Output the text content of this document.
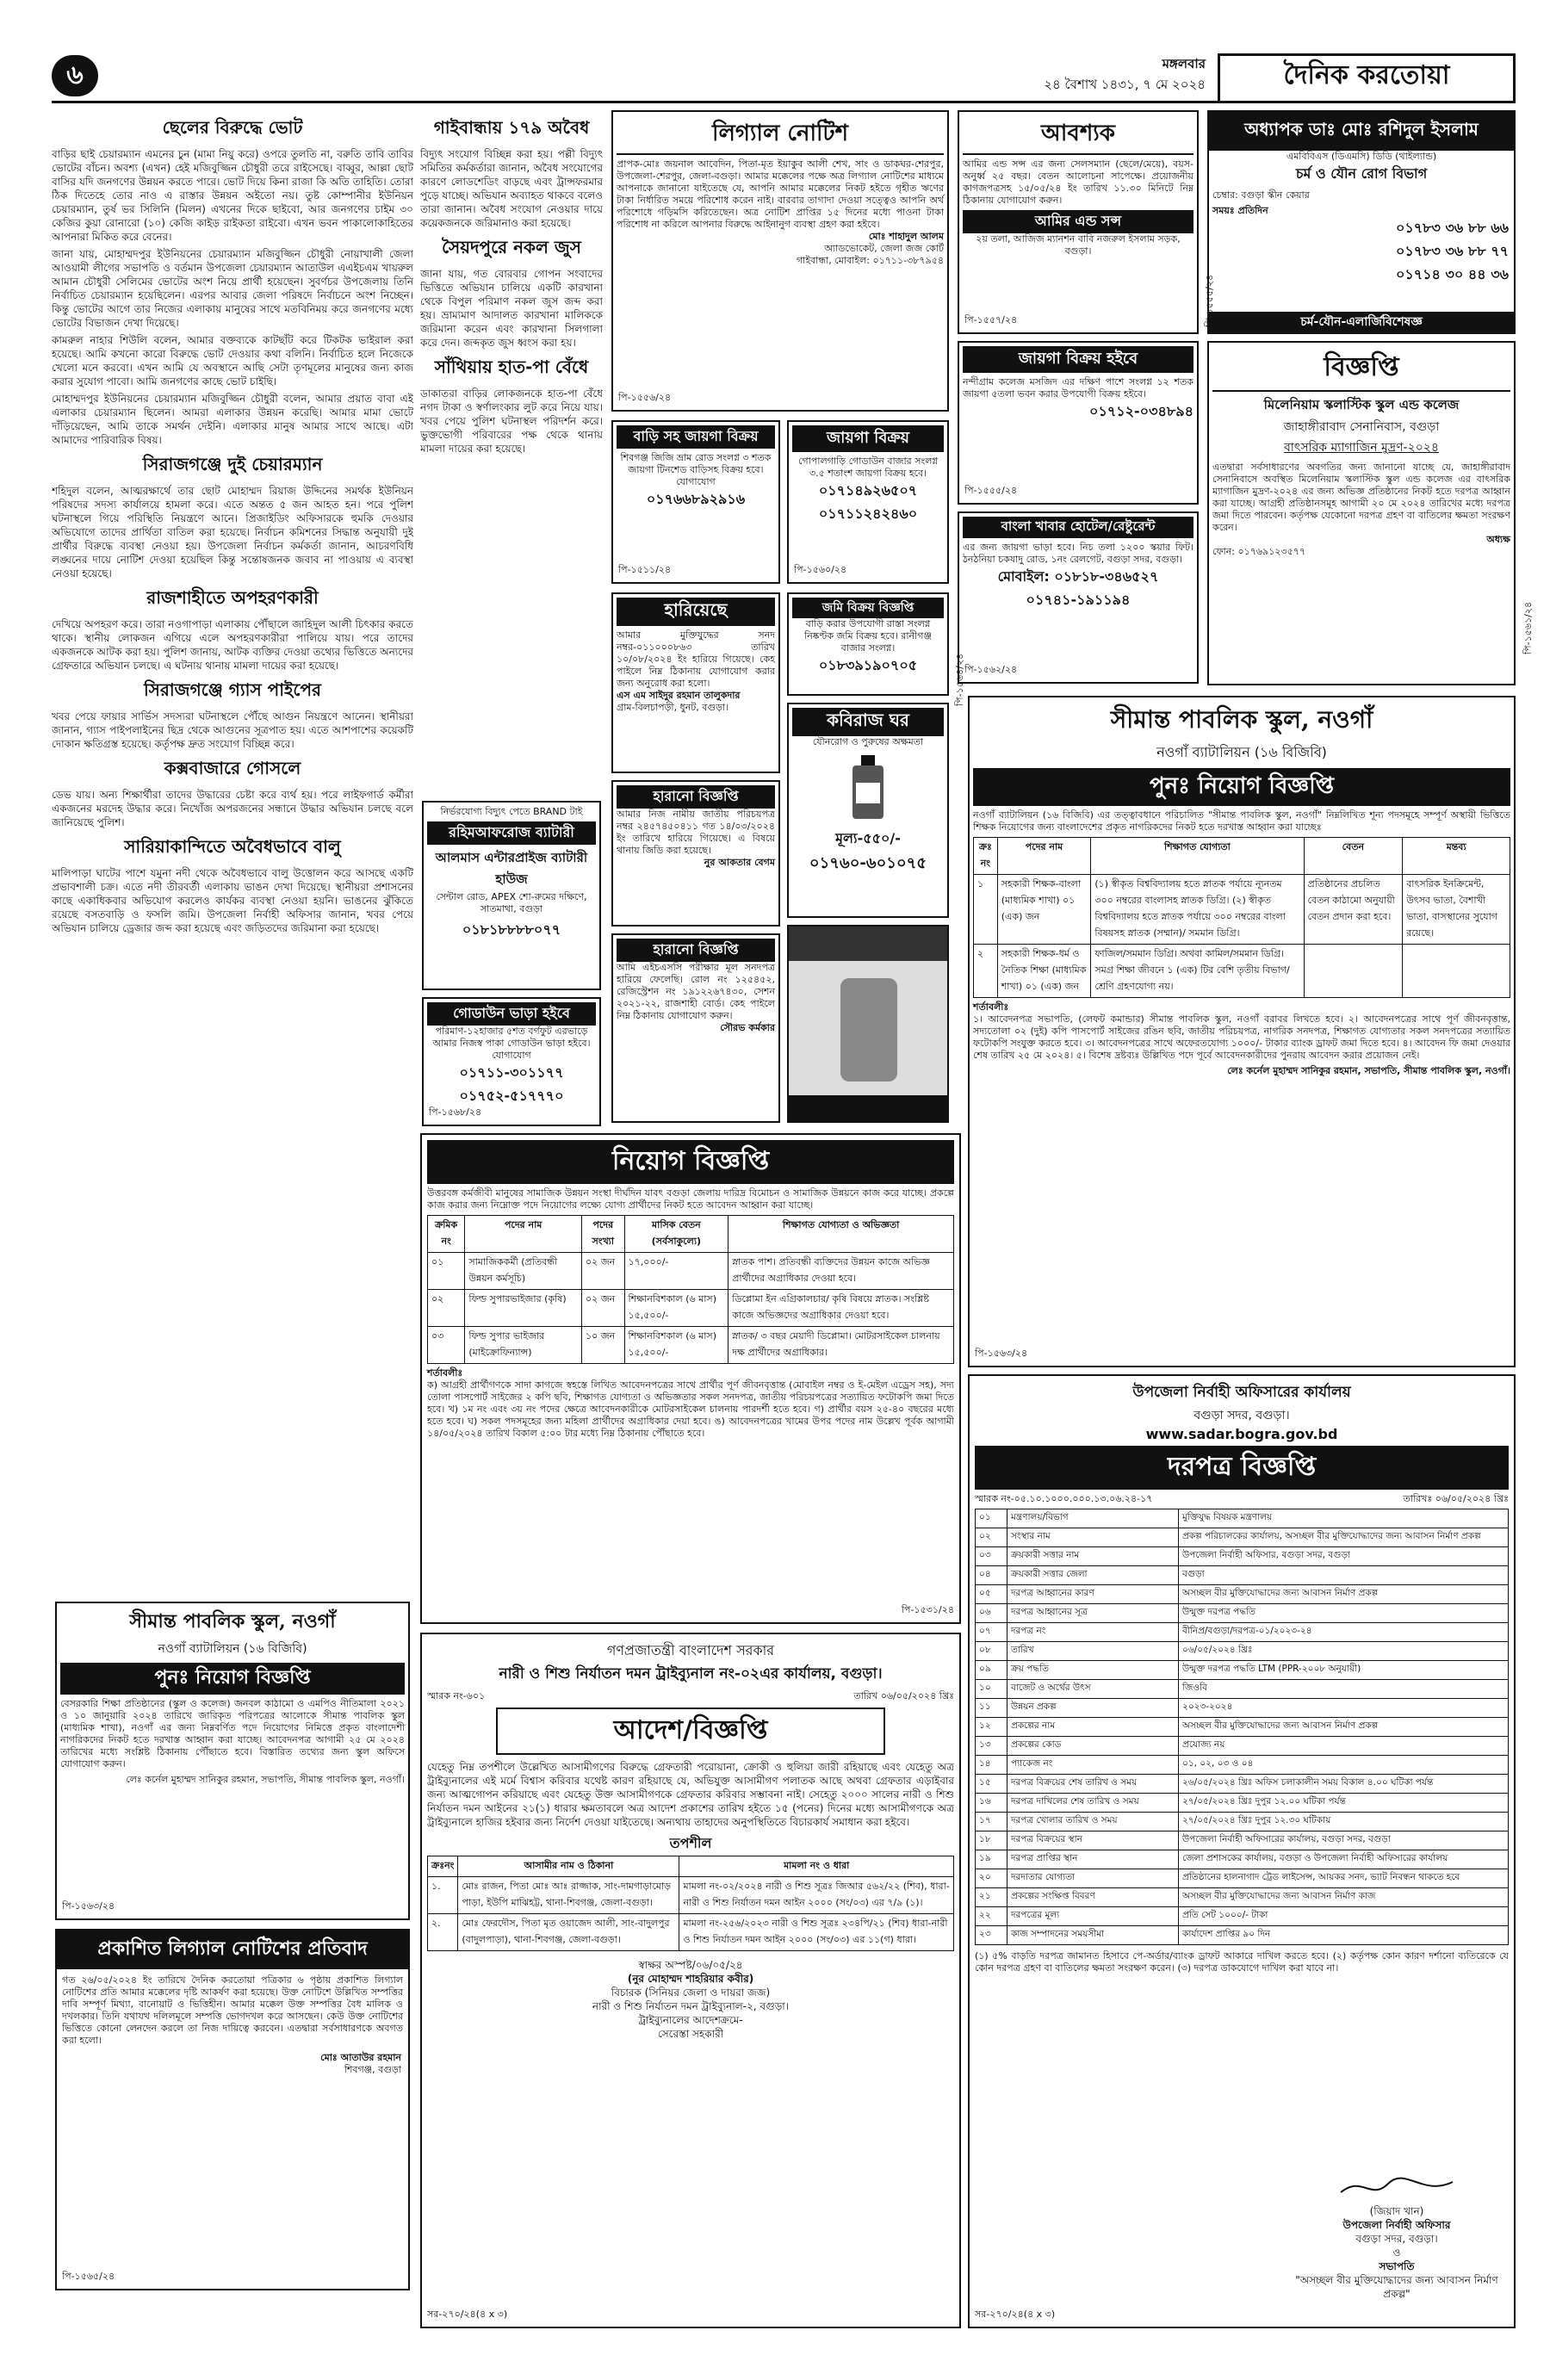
৬	মঙ্গলবার
২৪ বৈশাখ ১৪৩১, ৭ মে ২০২৪	দৈনিক করতোয়া
ছেলের বিরুদ্ধে ভোট

বাড়ির ছাই চেয়ারম্যান এমনের চুন (মামা নিয়ু করে) ওপরে তুলতি না, বরুতি তাবি তাবির ভোটের বাঁচন। অবশ্য (এখন) হেই মজিবুজ্জিন চৌধুরী তরে রাইসেছে। বাব্বুর, আল্লা ছোট বাসির যদি জনগণের উন্নয়ন করতে পারে। ভোট দিয়ে কিনা রাজা কি অতি তাহিতি। তোরা ঠিক দিতেহে তোর নাও এ রাস্তার উন্নয়ন অইতো নয়। তুষ্ট কোম্পানীর ইউনিয়ন চেয়ারম্যান, তুর্ষ ভর সিলিনি (মিলন) এখনের দিকে ছাইবো, আর জনগণের চাইম ৩০ কেজির কুয়া রোনারো (১০) কেজি কাইড় রাইকতা রাইবো। এখন ভবন পাকালোকাহিতের আপনারা মিকিত করে বেনের।

জানা যায়, মোহাম্মদপুর ইউনিয়নের চেয়ারম্যান মজিবুজ্জিন চৌধুরী নোয়াখালী জেলা আওয়ামী লীগের সভাপতি ও বর্তমান উপজেলা চেয়ারম্যান আতাউল এএইচএম খায়রুল আমান চৌধুরী সেলিমের ভোটের অংশ নিয়ে প্রার্থী হয়েছেন। সুবর্ণচর উপজেলায় তিনি নির্বাচিত চেয়ারম্যান হয়েছিলেন। এরপর আবার জেলা পরিষদে নির্বাচনে অংশ নিচ্ছেন। কিন্তু ভোটের আগে তার নিজের এলাকায় মানুষের সাথে মতবিনিময় করে জনগণের মধ্যে ভোটের বিভাজন দেখা দিয়েছে।

কামরুল নাহার শিউলি বলেন, আমার বক্তব্যকে কাটছাঁট করে টিকটক ভাইরাল করা হয়েছে। আমি কখনো কারো বিরুদ্ধে ভোট দেওয়ার কথা বলিনি। নির্বাচিত হলে নিজেকে খেলো মনে করবো। এখন আমি যে অবস্থানে আছি সেটা তৃণমূলের মানুষের জন্য কাজ করার সুযোগ পাবো। আমি জনগণের কাছে ভোট চাইছি।

মোহাম্মদপুর ইউনিয়নের চেয়ারম্যান মজিবুজ্জিন চৌধুরী বলেন, আমার প্রয়াত বাবা এই এলাকার চেয়ারম্যান ছিলেন। আমরা এলাকার উন্নয়ন করেছি। আমার মামা ভোটে দাঁড়িয়েছেন, আমি তাকে সমর্থন দেইনি। এলাকার মানুষ আমার সাথে আছে। এটা আমাদের পারিবারিক বিষয়।

সিরাজগঞ্জে দুই চেয়ারম্যান

শহিদুল বলেন, আত্মরক্ষার্থে তার ছোট মোহাম্মদ রিয়াজ উদ্দিনের সমর্থক ইউনিয়ন পরিষদের সদস্য কার্যালয়ে হামলা করে। এতে অন্তত ৫ জন আহত হন। পরে পুলিশ ঘটনাস্থলে গিয়ে পরিস্থিতি নিয়ন্ত্রণে আনে। প্রিজাইডিং অফিসারকে হুমকি দেওয়ার অভিযোগে তাদের প্রার্থিতা বাতিল করা হয়েছে। নির্বাচন কমিশনের সিদ্ধান্ত অনুযায়ী দুই প্রার্থীর বিরুদ্ধে ব্যবস্থা নেওয়া হয়। উপজেলা নির্বাচন কর্মকর্তা জানান, আচরণবিধি লঙ্ঘনের দায়ে নোটিশ দেওয়া হয়েছিল কিন্তু সন্তোষজনক জবাব না পাওয়ায় এ ব্যবস্থা নেওয়া হয়েছে।

রাজশাহীতে অপহরণকারী

দেখিয়ে অপহরণ করে। তারা নওগাপাড়া এলাকায় পৌঁছালে জাহিদুল আলী চিৎকার করতে থাকে। স্থানীয় লোকজন এগিয়ে এলে অপহরণকারীরা পালিয়ে যায়। পরে তাদের একজনকে আটক করা হয়। পুলিশ জানায়, আটক ব্যক্তির দেওয়া তথ্যের ভিত্তিতে অন্যদের গ্রেফতারে অভিযান চলছে। এ ঘটনায় থানায় মামলা দায়ের করা হয়েছে।

সিরাজগঞ্জে গ্যাস পাইপের

খবর পেয়ে ফায়ার সার্ভিস সদস্যরা ঘটনাস্থলে পৌঁছে আগুন নিয়ন্ত্রণে আনেন। স্থানীয়রা জানান, গ্যাস পাইপলাইনের ছিদ্র থেকে আগুনের সূত্রপাত হয়। এতে আশপাশের কয়েকটি দোকান ক্ষতিগ্রস্ত হয়েছে। কর্তৃপক্ষ দ্রুত সংযোগ বিচ্ছিন্ন করে।

কক্সবাজারে গোসলে

ডেভ যায়। অন্য শিক্ষার্থীরা তাদের উদ্ধারের চেষ্টা করে ব্যর্থ হয়। পরে লাইফগার্ড কর্মীরা একজনের মরদেহ উদ্ধার করে। নিখোঁজ অপরজনের সন্ধানে উদ্ধার অভিযান চলছে বলে জানিয়েছে পুলিশ।

সারিয়াকান্দিতে অবৈধভাবে বালু

মালিপাড়া ঘাটের পাশে যমুনা নদী থেকে অবৈধভাবে বালু উত্তোলন করে আসছে একটি প্রভাবশালী চক্র। এতে নদী তীরবর্তী এলাকায় ভাঙন দেখা দিয়েছে। স্থানীয়রা প্রশাসনের কাছে একাধিকবার অভিযোগ করলেও কার্যকর ব্যবস্থা নেওয়া হয়নি। ভাঙনের ঝুঁকিতে রয়েছে বসতবাড়ি ও ফসলি জমি। উপজেলা নির্বাহী অফিসার জানান, খবর পেয়ে অভিযান চালিয়ে ড্রেজার জব্দ করা হয়েছে এবং জড়িতদের জরিমানা করা হয়েছে।

সীমান্ত পাবলিক স্কুল, নওগাঁ
নওগাঁ ব্যাটালিয়ন (১৬ বিজিবি)
পুনঃ নিয়োগ বিজ্ঞপ্তি
বেসরকারি শিক্ষা প্রতিষ্ঠানের (স্কুল ও কলেজ) জনবল কাঠামো ও এমপিও নীতিমালা ২০২১ ও ১০ জানুয়ারি ২০২৪ তারিখে জারিকৃত পরিপত্রের আলোকে সীমান্ত পাবলিক স্কুল (মাধ্যমিক শাখা), নওগাঁ এর জন্য নিম্নবর্ণিত পদে নিয়োগের নিমিত্তে প্রকৃত বাংলাদেশী নাগরিকদের নিকট হতে দরখাস্ত আহ্বান করা যাচ্ছে। আবেদনপত্র আগামী ২৫ মে ২০২৪ তারিখের মধ্যে সংশ্লিষ্ট ঠিকানায় পৌঁছাতে হবে। বিস্তারিত তথ্যের জন্য স্কুল অফিসে যোগাযোগ করুন।
লেঃ কর্নেল মুহাম্মদ সানিকুর রহমান, সভাপতি, সীমান্ত পাবলিক স্কুল, নওগাঁ।
পি-১৫৬৩/২৪
প্রকাশিত লিগ্যাল নোটিশের প্রতিবাদ
গত ২৬/০৫/২০২৪ ইং তারিখে দৈনিক করতোয়া পত্রিকার ৬ পৃষ্ঠায় প্রকাশিত লিগ্যাল নোটিশের প্রতি আমার মক্কেলের দৃষ্টি আকর্ষণ করা হয়েছে। উক্ত নোটিশে উল্লিখিত সম্পত্তির দাবি সম্পূর্ণ মিথ্যা, বানোয়াট ও ভিত্তিহীন। আমার মক্কেল উক্ত সম্পত্তির বৈধ মালিক ও দখলকার। তিনি যথাযথ দলিলমূলে সম্পত্তি ভোগদখল করে আসছেন। কেউ উক্ত নোটিশের ভিত্তিতে কোনো লেনদেন করলে তা নিজ দায়িত্বে করবেন। এতদ্বারা সর্বসাধারণকে অবগত করা হলো।
মোঃ আতাউর রহমান
শিবগঞ্জ, বগুড়া
পি-১৫৬৫/২৪
গাইবান্ধায় ১৭৯ অবৈধ

বিদ্যুৎ সংযোগ বিচ্ছিন্ন করা হয়। পল্লী বিদ্যুৎ সমিতির কর্মকর্তারা জানান, অবৈধ সংযোগের কারণে লোডশেডিং বাড়ছে এবং ট্রান্সফরমার পুড়ে যাচ্ছে। অভিযান অব্যাহত থাকবে বলেও তারা জানান। অবৈধ সংযোগ নেওয়ার দায়ে কয়েকজনকে জরিমানাও করা হয়েছে।

সৈয়দপুরে নকল জুস

জানা যায়, গত বোরবার গোপন সংবাদের ভিত্তিতে অভিযান চালিয়ে একটি কারখানা থেকে বিপুল পরিমাণ নকল জুস জব্দ করা হয়। ভ্রাম্যমাণ আদালত কারখানা মালিককে জরিমানা করেন এবং কারখানা সিলগালা করে দেন। জব্দকৃত জুস ধ্বংস করা হয়।

সাঁথিয়ায় হাত-পা বেঁধে

ডাকাতরা বাড়ির লোকজনকে হাত-পা বেঁধে নগদ টাকা ও স্বর্ণালংকার লুট করে নিয়ে যায়। খবর পেয়ে পুলিশ ঘটনাস্থল পরিদর্শন করে। ভুক্তভোগী পরিবারের পক্ষ থেকে থানায় মামলা দায়ের করা হয়েছে।

নির্ভরযোগ্য বিদ্যুৎ পেতে BRAND টাই
রহিমআফরোজ ব্যাটারী
আলমাস এন্টারপ্রাইজ ব্যাটারী হাউজ
সেন্টাল রোড, APEX শো-রুমের দক্ষিণে, সাতমাথা, বগুড়া
০১৮১৮৮৮৮০৭৭
গোডাউন ভাড়া হইবে
পরিমাণ-১২হাজার ৫শত বর্গফুট এরভাড়ে আমার নিজস্ব পাকা গোডাউন ভাড়া হইবে। যোগাযোগ
০১৭১১-৩০১১৭৭
০১৭৫২-৫১৭৭৭০
পি-১৫৬৮/২৪
লিগ্যাল নোটিশ
প্রাপক-মোঃ জয়নাল আবেদিন, পিতা-মৃত ইয়াকুব আলী শেখ, সাং ও ডাকঘর-শেরপুর, উপজেলা-শেরপুর, জেলা-বগুড়া। আমার মক্কেলের পক্ষে অত্র লিগ্যাল নোটিশের মাধ্যমে আপনাকে জানানো যাইতেছে যে, আপনি আমার মক্কেলের নিকট হইতে গৃহীত ঋণের টাকা নির্ধারিত সময়ে পরিশোধ করেন নাই। বারবার তাগাদা দেওয়া সত্ত্বেও আপনি অর্থ পরিশোধে গড়িমসি করিতেছেন। অত্র নোটিশ প্রাপ্তির ১৫ দিনের মধ্যে পাওনা টাকা পরিশোধ না করিলে আপনার বিরুদ্ধে আইনানুগ ব্যবস্থা গ্রহণ করা হইবে।
মোঃ শাহাদুল আলম
অ্যাডভোকেট, জেলা জজ কোর্ট
গাইবান্ধা, মোবাইল: ০১৭১১-৩৮৭৯৫৪
পি-১৫৫৬/২৪
বাড়ি সহ জায়গা বিক্রয়
শিবগঞ্জ জিজি ভ্রাম রোড সংলগ্ন ৩ শতক জায়গা টিনশেড বাড়িসহ বিক্রয় হবে। যোগাযোগ
০১৭৬৬৮৯২৯১৬
পি-১৫১১/২৪
জায়গা বিক্রয়
গোপালগাড়ি গোডাউন বাজার সংলগ্ন ৩.৫ শতাংশ জায়গা বিক্রয় হবে।
০১৭১৪৯২৬৫০৭
০১৭১১২৪২৪৬০
পি-১৫৬০/২৪
হারিয়েছে
আমার মুক্তিযুদ্ধের সনদ নম্বর-০১১০০০৮৬৩ তারিখ ১০/০৮/২০২৪ ইং হারিয়ে গিয়েছে। কেহ পাইলে নিম্ন ঠিকানায় যোগাযোগ করার জন্য অনুরোধ করা হলো।
এস এম সাইদুর রহমান তালুকদার
গ্রাম-বিলচাপড়ী, ধুনট, বগুড়া।
জমি বিক্রয় বিজ্ঞপ্তি
বাড়ি করার উপযোগী রাস্তা সংলগ্ন নিষ্কণ্টক জমি বিক্রয় হবে। রানীগঞ্জ বাজার সংলগ্ন।
০১৮৩৯১৯০৭০৫
কবিরাজ ঘর
যৌনরোগ ও পুরুষের অক্ষমতা
মূল্য-৫৫০/-
০১৭৬০-৬০১০৭৫
হারানো বিজ্ঞপ্তি
আমার নিজ নামীয় জাতীয় পরিচয়পত্র নম্বর ২৪৫৭৪৫০৪১১ গত ১৪/০৩/২০২৪ ইং তারিখে হারিয়ে গিয়েছে। এ বিষয়ে থানায় জিডি করা হয়েছে।
নুর আকতার বেগম
হারানো বিজ্ঞপ্তি
আমি এইচএসসি পরীক্ষার মূল সনদপত্র হারিয়ে ফেলেছি। রোল নং ১২৫৪৫২, রেজিস্ট্রেশন নং ১৯১২২৬৭৪৩০, সেশন ২০২১-২২, রাজশাহী বোর্ড। কেহ পাইলে নিম্ন ঠিকানায় যোগাযোগ করুন।
সৌরভ কর্মকার
আবশ্যক
আমির এন্ড সন্স এর জন্য সেলসম্যান (ছেলে/মেয়ে), বয়স-অনুর্ধ্ব ২৫ বছর। বেতন আলোচনা সাপেক্ষে। প্রয়োজনীয় কাগজপত্রসহ ১৫/০৫/২৪ ইং তারিখ ১১.৩০ মিনিটে নিম্ন ঠিকানায় যোগাযোগ করুন।
আমির এন্ড সন্স
২য় তলা, আজিজ ম্যানশন বাবি নজরুল ইসলাম সড়ক, বগুড়া।
পি-১৫৫৭/২৪
জায়গা বিক্রয় হইবে
নন্দীগ্রাম কলেজ মসজিদ এর দক্ষিণ পাশে সংলগ্ন ১২ শতক জায়গা ৫তলা ভবন করার উপযোগী বিক্রয় হইবে।
০১৭১২-০৩৪৮৯৪
পি-১৫৫৫/২৪
বাংলা খাবার হোটেল/রেষ্টুরেন্ট
এর জন্য জায়গা ভাড়া হবে। নিচ তলা ১২০০ স্কয়ার ফিট। ঠনঠনিয়া চকযাদু রোড, ১নং রেলগেট, বগুড়া সদর, বগুড়া।
মোবাইল: ০১৮১৮-৩৪৬৫২৭
০১৭৪১-১৯১১৯৪
পি-১৫৬২/২৪
অধ্যাপক ডাঃ মোঃ রশিদুল ইসলাম
এমবিবিএস (ডিএমসি) ডিডি (থাইল্যান্ড)
চর্ম ও যৌন রোগ বিভাগ
চেম্বার: বগুড়া স্কীন কেয়ার
সময়ঃ প্রতিদিন
০১৭৮৩ ৩৬ ৮৮ ৬৬
০১৭৮৩ ৩৬ ৮৮ ৭৭
০১৭১৪ ৩০ ৪৪ ৩৬
চর্ম-যৌন-এলার্জিবিশেষজ্ঞ
বিজ্ঞপ্তি
মিলেনিয়াম স্কলাস্টিক স্কুল এন্ড কলেজ
জাহাঙ্গীরাবাদ সেনানিবাস, বগুড়া
বাৎসরিক ম্যাগাজিন মুদ্রণ-২০২৪
এতদ্বারা সর্বসাধারণের অবগতির জন্য জানানো যাচ্ছে যে, জাহাঙ্গীরাবাদ সেনানিবাসে অবস্থিত মিলেনিয়াম স্কলাস্টিক স্কুল এন্ড কলেজ এর বাৎসরিক ম্যাগাজিন মুদ্রণ-২০২৪ এর জন্য অভিজ্ঞ প্রতিষ্ঠানের নিকট হতে দরপত্র আহ্বান করা যাচ্ছে। আগ্রহী প্রতিষ্ঠানসমূহ আগামী ২০ মে ২০২৪ তারিখের মধ্যে দরপত্র জমা দিতে পারবেন। কর্তৃপক্ষ যেকোনো দরপত্র গ্রহণ বা বাতিলের ক্ষমতা সংরক্ষণ করেন।
অধ্যক্ষ
ফোন: ০১৭৬৯১২৩৫৭৭
সীমান্ত পাবলিক স্কুল, নওগাঁ
নওগাঁ ব্যাটালিয়ন (১৬ বিজিবি)
পুনঃ নিয়োগ বিজ্ঞপ্তি
নওগাঁ ব্যাটালিয়ন (১৬ বিজিবি) এর তত্ত্বাবধানে পরিচালিত "সীমান্ত পাবলিক স্কুল, নওগাঁ" নিম্নলিখিত শূন্য পদসমূহে সম্পূর্ণ অস্থায়ী ভিত্তিতে শিক্ষক নিয়োগের জন্য বাংলাদেশের প্রকৃত নাগরিকদের নিকট হতে দরখাস্ত আহ্বান করা যাচ্ছেঃ
ক্রঃ নং	পদের নাম	শিক্ষাগত যোগ্যতা	বেতন	মন্তব্য
১	সহকারী শিক্ষক-বাংলা (মাধ্যমিক শাখা) ০১ (এক) জন	(১) স্বীকৃত বিশ্ববিদ্যালয় হতে স্নাতক পর্যায়ে ন্যূনতম ৩০০ নম্বরের বাংলাসহ স্নাতক ডিগ্রি। (২) স্বীকৃত বিশ্ববিদ্যালয় হতে স্নাতক পর্যায়ে ৩০০ নম্বরের বাংলা বিষয়সহ স্নাতক (সম্মান)/ সমমান ডিগ্রি।	প্রতিষ্ঠানের প্রচলিত বেতন কাঠামো অনুযায়ী বেতন প্রদান করা হবে।	বাৎসরিক ইনক্রিমেন্ট, উৎসব ভাতা, বৈশাখী ভাতা, বাসস্থানের সুযোগ রয়েছে।
২	সহকারী শিক্ষক-ধর্ম ও নৈতিক শিক্ষা (মাধ্যমিক শাখা) ০১ (এক) জন	ফাজিল/সমমান ডিগ্রি। অথবা কামিল/সমমান ডিগ্রি। সমগ্র শিক্ষা জীবনে ১ (এক) টির বেশি তৃতীয় বিভাগ/শ্রেণি গ্রহণযোগ্য নয়।		
শর্তাবলীঃ
১। আবেদনপত্র সভাপতি, (লেফট কমান্ডার) সীমান্ত পাবলিক স্কুল, নওগাঁ বরাবর লিখতে হবে। ২। আবেদনপত্রের সাথে পূর্ণ জীবনবৃত্তান্ত, সদ্যতোলা ০২ (দুই) কপি পাসপোর্ট সাইজের রঙিন ছবি, জাতীয় পরিচয়পত্র, নাগরিক সনদপত্র, শিক্ষাগত যোগ্যতার সকল সনদপত্রের সত্যায়িত ফটোকপি সংযুক্ত করতে হবে। ৩। আবেদনপত্রের সাথে অফেরতযোগ্য ১০০০/- টাকার ব্যাংক ড্রাফট জমা দিতে হবে। ৪। আবেদন ফি জমা দেওয়ার শেষ তারিখ ২৫ মে ২০২৪। ৫। বিশেষ দ্রষ্টব্যঃ উল্লিখিত পদে পূর্বে আবেদনকারীদের পুনরায় আবেদন করার প্রয়োজন নেই।
লেঃ কর্নেল মুহাম্মদ সানিকুর রহমান, সভাপতি, সীমান্ত পাবলিক স্কুল, নওগাঁ।
পি-১৫৬৩/২৪
উপজেলা নির্বাহী অফিসারের কার্যালয়
বগুড়া সদর, বগুড়া।
www.sadar.bogra.gov.bd
দরপত্র বিজ্ঞপ্তি
স্মারক নং-০৫.১০.১০০০.০০০.১৩.০৬.২৪-১৭	তারিখঃ ০৬/০৫/২০২৪ খ্রিঃ
০১	মন্ত্রণালয়/বিভাগ	মুক্তিযুদ্ধ বিষয়ক মন্ত্রণালয়
০২	সংস্থার নাম	প্রকল্প পরিচালকের কার্যালয়, অসচ্ছল বীর মুক্তিযোদ্ধাদের জন্য আবাসন নির্মাণ প্রকল্প
০৩	ক্রয়কারী সত্তার নাম	উপজেলা নির্বাহী অফিসার, বগুড়া সদর, বগুড়া
০৪	ক্রয়কারী সত্তার জেলা	বগুড়া
০৫	দরপত্র আহ্বানের কারণ	অসচ্ছল বীর মুক্তিযোদ্ধাদের জন্য আবাসন নির্মাণ প্রকল্প
০৬	দরপত্র আহ্বানের সূত্র	উন্মুক্ত দরপত্র পদ্ধতি
০৭	দরপত্র নং	বীনিপ্র/বগুড়া/দরপত্র-০১/২০২৩-২৪
০৮	তারিখ	০৬/০৫/২০২৪ খ্রিঃ
০৯	ক্রয় পদ্ধতি	উন্মুক্ত দরপত্র পদ্ধতি LTM (PPR-২০০৮ অনুযায়ী)
১০	বাজেট ও অর্থের উৎস	জিওবি
১১	উন্নয়ন প্রকল্প	২০২৩-২০২৪
১২	প্রকল্পের নাম	অসচ্ছল বীর মুক্তিযোদ্ধাদের জন্য আবাসন নির্মাণ প্রকল্প
১৩	প্রকল্পের কোড	প্রযোজ্য নয়
১৪	প্যাকেজ নং	০১, ০২, ০৩ ও ০৪
১৫	দরপত্র বিক্রয়ের শেষ তারিখ ও সময়	২৬/০৫/২০২৪ খ্রিঃ অফিস চলাকালীন সময় বিকাল ৪.০০ ঘটিকা পর্যন্ত
১৬	দরপত্র দাখিলের শেষ তারিখ ও সময়	২৭/০৫/২০২৪ খ্রিঃ দুপুর ১২.০০ ঘটিকা পর্যন্ত
১৭	দরপত্র খোলার তারিখ ও সময়	২৭/০৫/২০২৪ খ্রিঃ দুপুর ১২.৩০ ঘটিকায়
১৮	দরপত্র বিক্রয়ের স্থান	উপজেলা নির্বাহী অফিসারের কার্যালয়, বগুড়া সদর, বগুড়া
১৯	দরপত্র প্রাপ্তির স্থান	জেলা প্রশাসকের কার্যালয়, বগুড়া ও উপজেলা নির্বাহী অফিসারের কার্যালয়
২০	দরদাতার যোগ্যতা	প্রতিষ্ঠানের হালনাগাদ ট্রেড লাইসেন্স, আয়কর সনদ, ভ্যাট নিবন্ধন থাকতে হবে
২১	প্রকল্পের সংক্ষিপ্ত বিবরণ	অসচ্ছল বীর মুক্তিযোদ্ধাদের জন্য আবাসন নির্মাণ কাজ
২২	দরপত্রের মূল্য	প্রতি সেট ১০০০/- টাকা
২৩	কাজ সম্পাদনের সময়সীমা	কার্যাদেশ প্রাপ্তির ৯০ দিন
(১) ৫% বাড়তি দরপত্র জামানত হিসাবে পে-অর্ডার/ব্যাংক ড্রাফট আকারে দাখিল করতে হবে। (২) কর্তৃপক্ষ কোন কারণ দর্শানো ব্যতিরেকে যে কোন দরপত্র গ্রহণ বা বাতিলের ক্ষমতা সংরক্ষণ করেন। (৩) দরপত্র ডাকযোগে দাখিল করা যাবে না।
(জিয়াদ খান)
উপজেলা নির্বাহী অফিসার
বগুড়া সদর, বগুড়া।
ও
সভাপতি
"অসচ্ছল বীর মুক্তিযোদ্ধাদের জন্য আবাসন নির্মাণ প্রকল্প"
সর-২৭০/২৪(৪ x ৩)
নিয়োগ বিজ্ঞপ্তি
উত্তরবঙ্গ কর্মজীবী মানুষের সামাজিক উন্নয়ন সংস্থা দীর্ঘদিন যাবৎ বগুড়া জেলায় দারিদ্র বিমোচন ও সামাজিক উন্নয়নে কাজ করে যাচ্ছে। প্রকল্পে কাজ করার জন্য নিম্নোক্ত পদে নিয়োগের লক্ষ্যে যোগ্য প্রার্থীদের নিকট হতে আবেদন আহ্বান করা যাচ্ছে।
ক্রমিক নং	পদের নাম	পদের সংখ্যা	মাসিক বেতন (সর্বসাকুল্যে)	শিক্ষাগত যোগ্যতা ও অভিজ্ঞতা
০১	সামাজিককর্মী (প্রতিবন্ধী উন্নয়ন কর্মসূচি)	০২ জন	১৭,০০০/-	স্নাতক পাশ। প্রতিবন্ধী ব্যক্তিদের উন্নয়ন কাজে অভিজ্ঞ প্রার্থীদের অগ্রাধিকার দেওয়া হবে।
০২	ফিল্ড সুপারভাইজার (কৃষি)	০২ জন	শিক্ষানবিশকাল (৬ মাস) ১৫,৫০০/-	ডিপ্লোমা ইন এগ্রিকালচার/ কৃষি বিষয়ে স্নাতক। সংশ্লিষ্ট কাজে অভিজ্ঞদের অগ্রাধিকার দেওয়া হবে।
০৩	ফিল্ড সুপার ভাইজার (মাইক্রোফিন্যান্স)	১০ জন	শিক্ষানবিশকাল (৬ মাস) ১৫,৫০০/-	স্নাতক/ ৩ বছর মেয়াদী ডিপ্লোমা। মোটরসাইকেল চালনায় দক্ষ প্রার্থীদের অগ্রাধিকার।
শর্তাবলীঃ
ক) আগ্রহী প্রার্থীগণকে সাদা কাগজে স্বহস্তে লিখিত আবেদনপত্রের সাথে প্রার্থীর পূর্ণ জীবনবৃত্তান্ত (মোবাইল নম্বর ও ই-মেইল এড্রেস সহ), সদ্য তোলা পাসপোর্ট সাইজের ২ কপি ছবি, শিক্ষাগত যোগ্যতা ও অভিজ্ঞতার সকল সনদপত্র, জাতীয় পরিচয়পত্রের সত্যায়িত ফটোকপি জমা দিতে হবে। খ) ১ম নং এবং ৩য় নং পদের ক্ষেত্রে আবেদনকারীকে মোটরসাইকেল চালনায় পারদর্শী হতে হবে। গ) প্রার্থীর বয়স ২৫-৪০ বছরের মধ্যে হতে হবে। ঘ) সকল পদসমূহের জন্য মহিলা প্রার্থীদের অগ্রাধিকার দেয়া হবে। ঙ) আবেদনপত্রের খামের উপর পদের নাম উল্লেখ পূর্বক আগামী ১৪/০৫/২০২৪ তারিখ বিকাল ৫:০০ টার মধ্যে নিম্ন ঠিকানায় পৌঁছাতে হবে।
পি-১৫৩১/২৪
গণপ্রজাতন্ত্রী বাংলাদেশ সরকার
নারী ও শিশু নির্যাতন দমন ট্রাইব্যুনাল নং-০২এর কার্যালয়, বগুড়া।
স্মারক নং-৬০১	তারিখ ০৬/০৫/২০২৪ খ্রিঃ
আদেশ/বিজ্ঞপ্তি
যেহেতু নিম্ন তপশীলে উল্লেখিত আসামীগণের বিরুদ্ধে গ্রেফতারী পরোয়ানা, ক্রোকী ও হুলিয়া জারী রহিয়াছে এবং যেহেতু অত্র ট্রাইব্যুনালের এই মর্মে বিশ্বাস করিবার যথেষ্ট কারণ রহিয়াছে যে, অভিযুক্ত আসামীগণ পলাতক আছে অথবা গ্রেফতার এড়াইবার জন্য আত্মগোপন করিয়াছে এবং যেহেতু উক্ত আসামীগণকে গ্রেফতার করিবার সম্ভাবনা নাই। সেহেতু ২০০০ সালের নারী ও শিশু নির্যাতন দমন আইনের ২১(১) ধারার ক্ষমতাবলে অত্র আদেশ প্রকাশের তারিখ হইতে ১৫ (পনের) দিনের মধ্যে আসামীগণকে অত্র ট্রাইব্যুনালে হাজির হইবার জন্য নির্দেশ দেওয়া যাইতেছে। অন্যথায় তাহাদের অনুপস্থিতিতে বিচারকার্য সমাধান করা হইবে।
তপশীল
ক্রঃনং	আসামীর নাম ও ঠিকানা	মামলা নং ও ধারা
১.	মোঃ রাজন, পিতা মোঃ আঃ রাজ্জাক, সাং-দামগাড়ামোড় পাড়া, ইউপি মাঝিহট্ট, থানা-শিবগঞ্জ, জেলা-বগুড়া।	মামলা নং-০২/২০২৪ নারী ও শিশু সূত্রঃ জিআর ৫৬২/২২ (শিব), ধারা-নারী ও শিশু নির্যাতন দমন আইন ২০০০ (সং/০৩) এর ৭/৯ (১)।
২.	মোঃ ফেরদৌস, পিতা মৃত ওয়াজেদ আলী, সাং-বাদুলপুর (বাদুলপাড়া), থানা-শিবগঞ্জ, জেলা-বগুড়া।	মামলা নং-২৫৬/২০২৩ নারী ও শিশু সূত্রঃ ২৩৪পি/২১ (শিব) ধারা-নারী ও শিশু নির্যাতন দমন আইন ২০০০ (সং/০৩) এর ১১(গ) ধারা।
স্বাক্ষর অস্পষ্ট/০৬/০৫/২৪
(নুর মোহাম্মদ শাহরিয়ার কবীর)
বিচারক (সিনিয়র জেলা ও দায়রা জজ)
নারী ও শিশু নির্যাতন দমন ট্রাইব্যুনাল-২, বগুড়া।
ট্রাইব্যুনালের আদেশক্রমে-
সেরেস্তা সহকারী
সর-২৭০/২৪(৪ x ৩)
পি-১৫৫৫/২৪
পি-১৫৬১/২৪
পি-১৫৬৪/২৪
